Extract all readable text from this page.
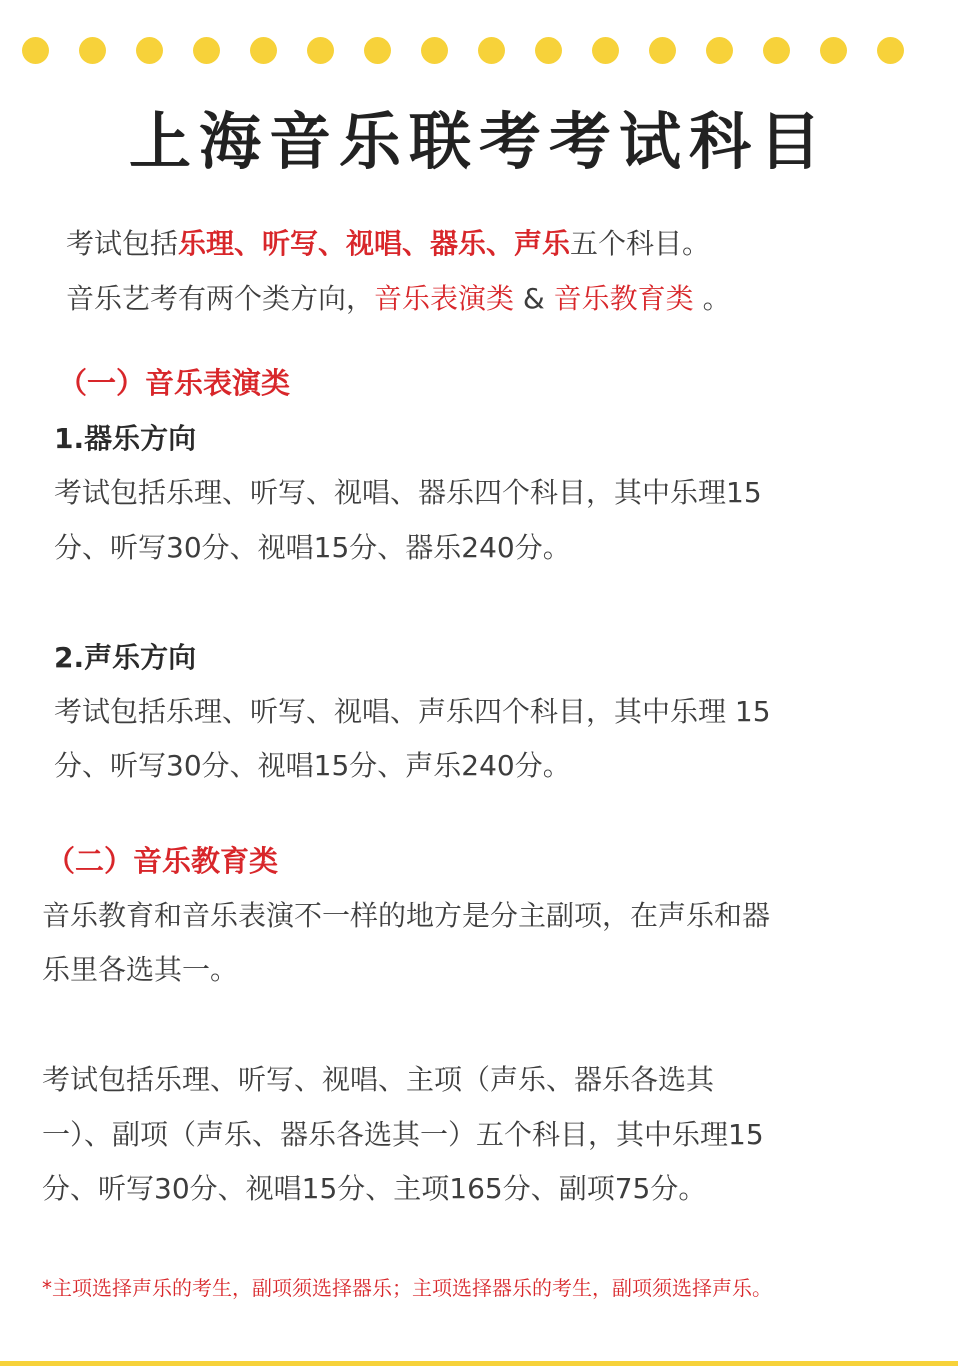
上海音乐联考考试科目

考试包括乐理、听写、视唱、器乐、声乐五个科目。

音乐艺考有两个类方向，音乐表演类 & 音乐教育类 。

（一）音乐表演类

1.器乐方向

考试包括乐理、听写、视唱、器乐四个科目，其中乐理15

分、听写30分、视唱15分、器乐240分。

2.声乐方向

考试包括乐理、听写、视唱、声乐四个科目，其中乐理 15

分、听写30分、视唱15分、声乐240分。

（二）音乐教育类

音乐教育和音乐表演不一样的地方是分主副项，在声乐和器

乐里各选其一。

考试包括乐理、听写、视唱、主项（声乐、器乐各选其

一）、副项（声乐、器乐各选其一）五个科目，其中乐理15

分、听写30分、视唱15分、主项165分、副项75分。

*主项选择声乐的考生，副项须选择器乐；主项选择器乐的考生，副项须选择声乐。
